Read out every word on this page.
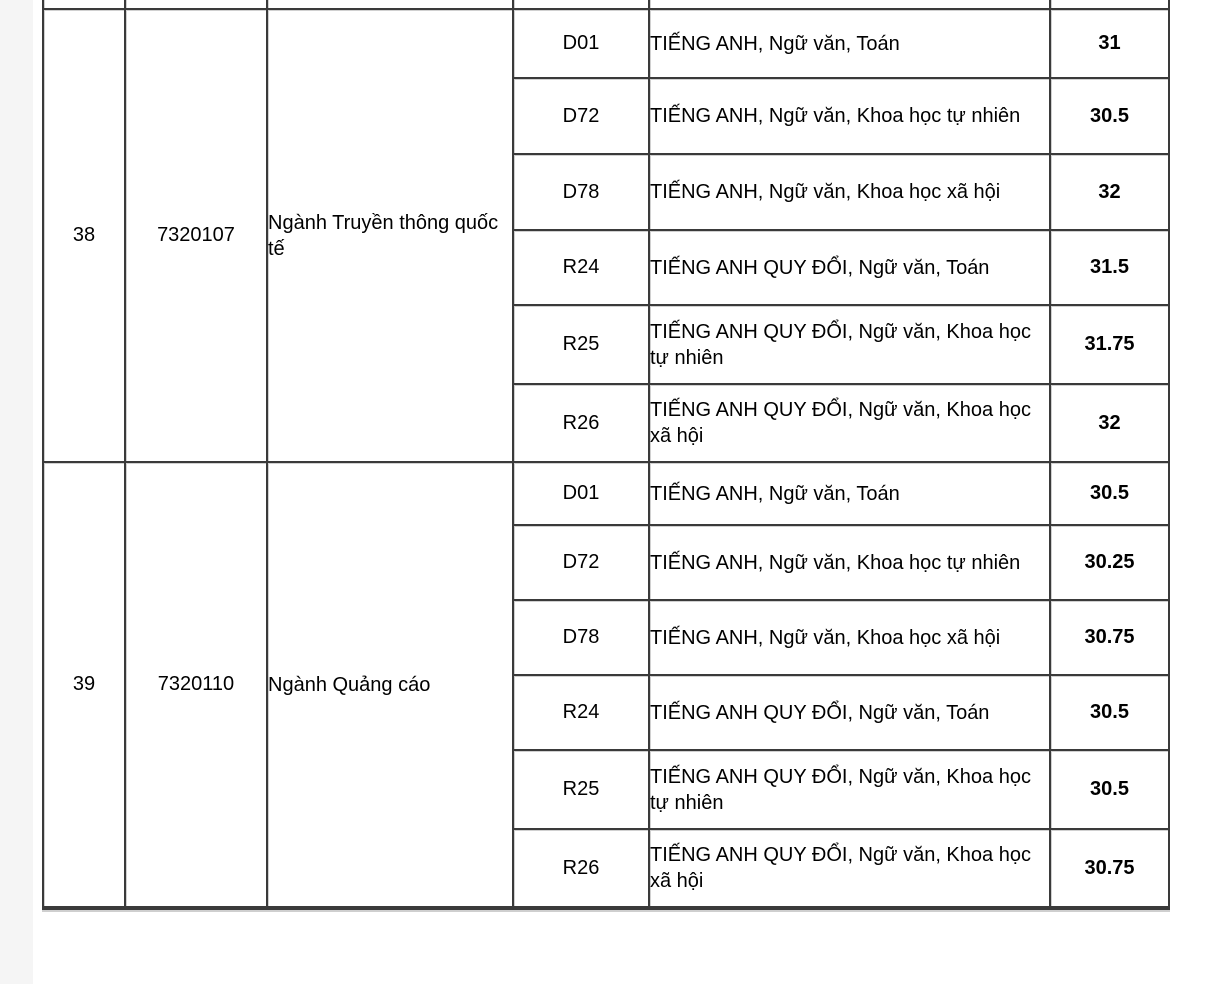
38	7320107	Ngành Truyền thông quốc tế	D01	TIẾNG ANH, Ngữ văn, Toán	31
			D72	TIẾNG ANH, Ngữ văn, Khoa học tự nhiên	30.5
			D78	TIẾNG ANH, Ngữ văn, Khoa học xã hội	32
			R24	TIẾNG ANH QUY ĐỔI, Ngữ văn, Toán	31.5
			R25	TIẾNG ANH QUY ĐỔI, Ngữ văn, Khoa học tự nhiên	31.75
			R26	TIẾNG ANH QUY ĐỔI, Ngữ văn, Khoa học xã hội	32
39	7320110	Ngành Quảng cáo	D01	TIẾNG ANH, Ngữ văn, Toán	30.5
			D72	TIẾNG ANH, Ngữ văn, Khoa học tự nhiên	30.25
			D78	TIẾNG ANH, Ngữ văn, Khoa học xã hội	30.75
			R24	TIẾNG ANH QUY ĐỔI, Ngữ văn, Toán	30.5
			R25	TIẾNG ANH QUY ĐỔI, Ngữ văn, Khoa học tự nhiên	30.5
			R26	TIẾNG ANH QUY ĐỔI, Ngữ văn, Khoa học xã hội	30.75
